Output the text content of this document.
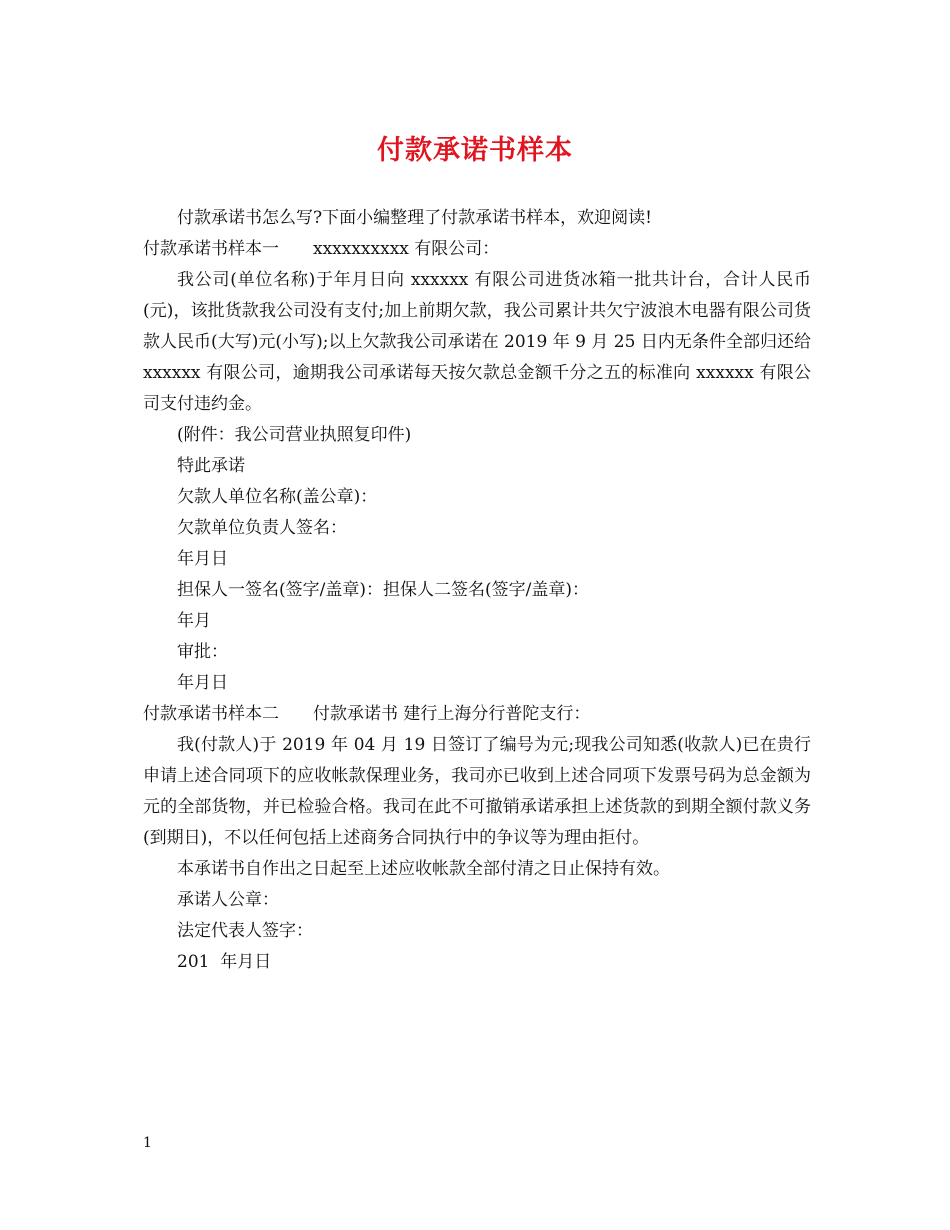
付款承诺书样本

付款承诺书怎么写?下面小编整理了付款承诺书样本，欢迎阅读!

付款承诺书样本一 xxxxxxxxxx 有限公司：

我公司(单位名称)于年月日向 xxxxxx 有限公司进货冰箱一批共计台，合计人民币(元)，该批货款我公司没有支付;加上前期欠款，我公司累计共欠宁波浪木电器有限公司货款人民币(大写)元(小写);以上欠款我公司承诺在 2019 年 9 月 25 日内无条件全部归还给 xxxxxx 有限公司，逾期我公司承诺每天按欠款总金额千分之五的标准向 xxxxxx 有限公司支付违约金。

(附件：我公司营业执照复印件)

特此承诺

欠款人单位名称(盖公章)：

欠款单位负责人签名：

年月日

担保人一签名(签字/盖章)：担保人二签名(签字/盖章)：

年月

审批：

年月日

付款承诺书样本二 付款承诺书 建行上海分行普陀支行：

我(付款人)于 2019 年 04 月 19 日签订了编号为元;现我公司知悉(收款人)已在贵行申请上述合同项下的应收帐款保理业务，我司亦已收到上述合同项下发票号码为总金额为元的全部货物，并已检验合格。我司在此不可撤销承诺承担上述货款的到期全额付款义务(到期日)，不以任何包括上述商务合同执行中的争议等为理由拒付。

本承诺书自作出之日起至上述应收帐款全部付清之日止保持有效。

承诺人公章：

法定代表人签字：

201  年月日

1
